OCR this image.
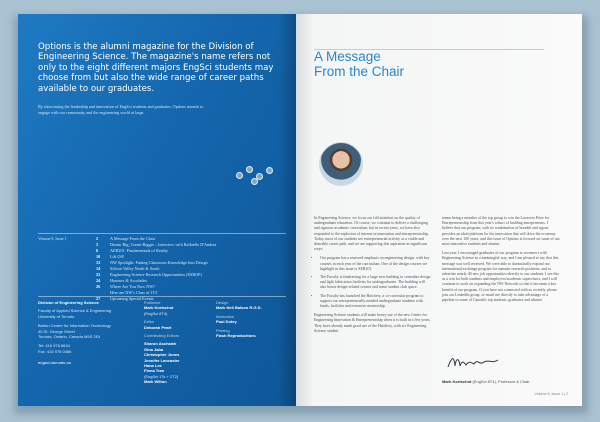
Options is the alumni magazine for the Division of Engineering Science. The magazine's name refers not only to the eight different majors EngSci students may choose from but also the wide range of career paths available to our graduates.

By showcasing the leadership and innovation of EngSci students and graduates, Options intends to engage with our community and the engineering world at large.

Volume 8, Issue 1	2	A Message From the Chair
3	Dream Big, Create Bigger – Interview with Raffaello D'Andrea
6	AER201: Fundamentals of Reality
10	Lift Off!
12	NW Spotlight: Putting Classroom Knowledge Into Design
14	Silicon Valley North & South
22	Engineering Science Research Opportunities (ESROP)
24	Honours & Accolades
26	Where Are You Now NW?
Here are NW's Class of 1T3
27	Upcoming Special Events

Division of Engineering Science

Faculty of Applied Science & Engineering
University of Toronto
Bahen Centre for Information Technology
40 St. George Street
Toronto, Ontario, Canada M5S 2E4
Tel: 416 978 8634
Fax: 416 978 0465

engsci.utoronto.ca

Publisher
Mark Kortschot
(EngSci 8T4)

Editor
Deborah Peart

Contributing Editors

Sharon Aschaiek
Gina Jaba
Christopher Jones
Jennifer Lancaster
Hana Lee
Fiona Tran
(EngSci 1Ts + 2T2)
Mark Wilton

Design
Mark Neil Balson R.G.D.

Illustration
Paul Dotey

Printing
Flash Reproductions

A Message
From the Chair

In Engineering Science, we focus our full attention on the quality of undergraduate education. Of course, we continue to deliver a challenging and rigorous academic curriculum, but in recent years, we have also responded to the explosion of interest in innovation and entrepreneurship. Today, most of our students see entrepreneurial activity as a viable and desirable career path, and we are supporting this aspiration in significant ways:

• Our program has a renewed emphasis on engineering design, with key courses in each year of the curriculum. One of the design courses we highlight in this issue is AER201.
• The Faculty is fundraising for a large new building to centralize design and light fabrication facilities for undergraduates. The building will also house design-related centres and some student club space.
• The Faculty has launched the Hatchery, a co-curricular program to support our entrepreneurially minded undergraduate students with funds, facilities and extensive mentorship.

Engineering Science students will make heavy use of the new Centre for Engineering Innovation & Entrepreneurship when it is built in a few years. They have already made good use of the Hatchery, with six Engineering Science student

teams being a member of the top group to win the Lacavera Prize for Entrepreneurship from this year's cohort of budding entrepreneurs. I believe that our program, with its combination of breadth and rigour, provides an ideal platform for the innovation that will drive the economy over the next 100 years, and this issue of Options is focused on some of our most innovative students and alumni.

Last year, I encouraged graduates of our program to reconnect with Engineering Science in a meaningful way, and I am pleased to say that this message was well received. We were able to dramatically expand our international exchange program for summer research positions, and to advertise nearly 40 new job opportunities directly to our students. I see this as a win for both students and employers/academic supervisors, and I will continue to work on expanding the NW Network so that it becomes a key benefit of our program. If you have not connected with us recently, please join our LinkedIn group, or email me directly to take advantage of a pipeline to some of Canada's top students, graduates and alumni.

Mark Kortschot (EngSci 8T4), Professor & Chair

Volume 8, Issue 1 | 2
